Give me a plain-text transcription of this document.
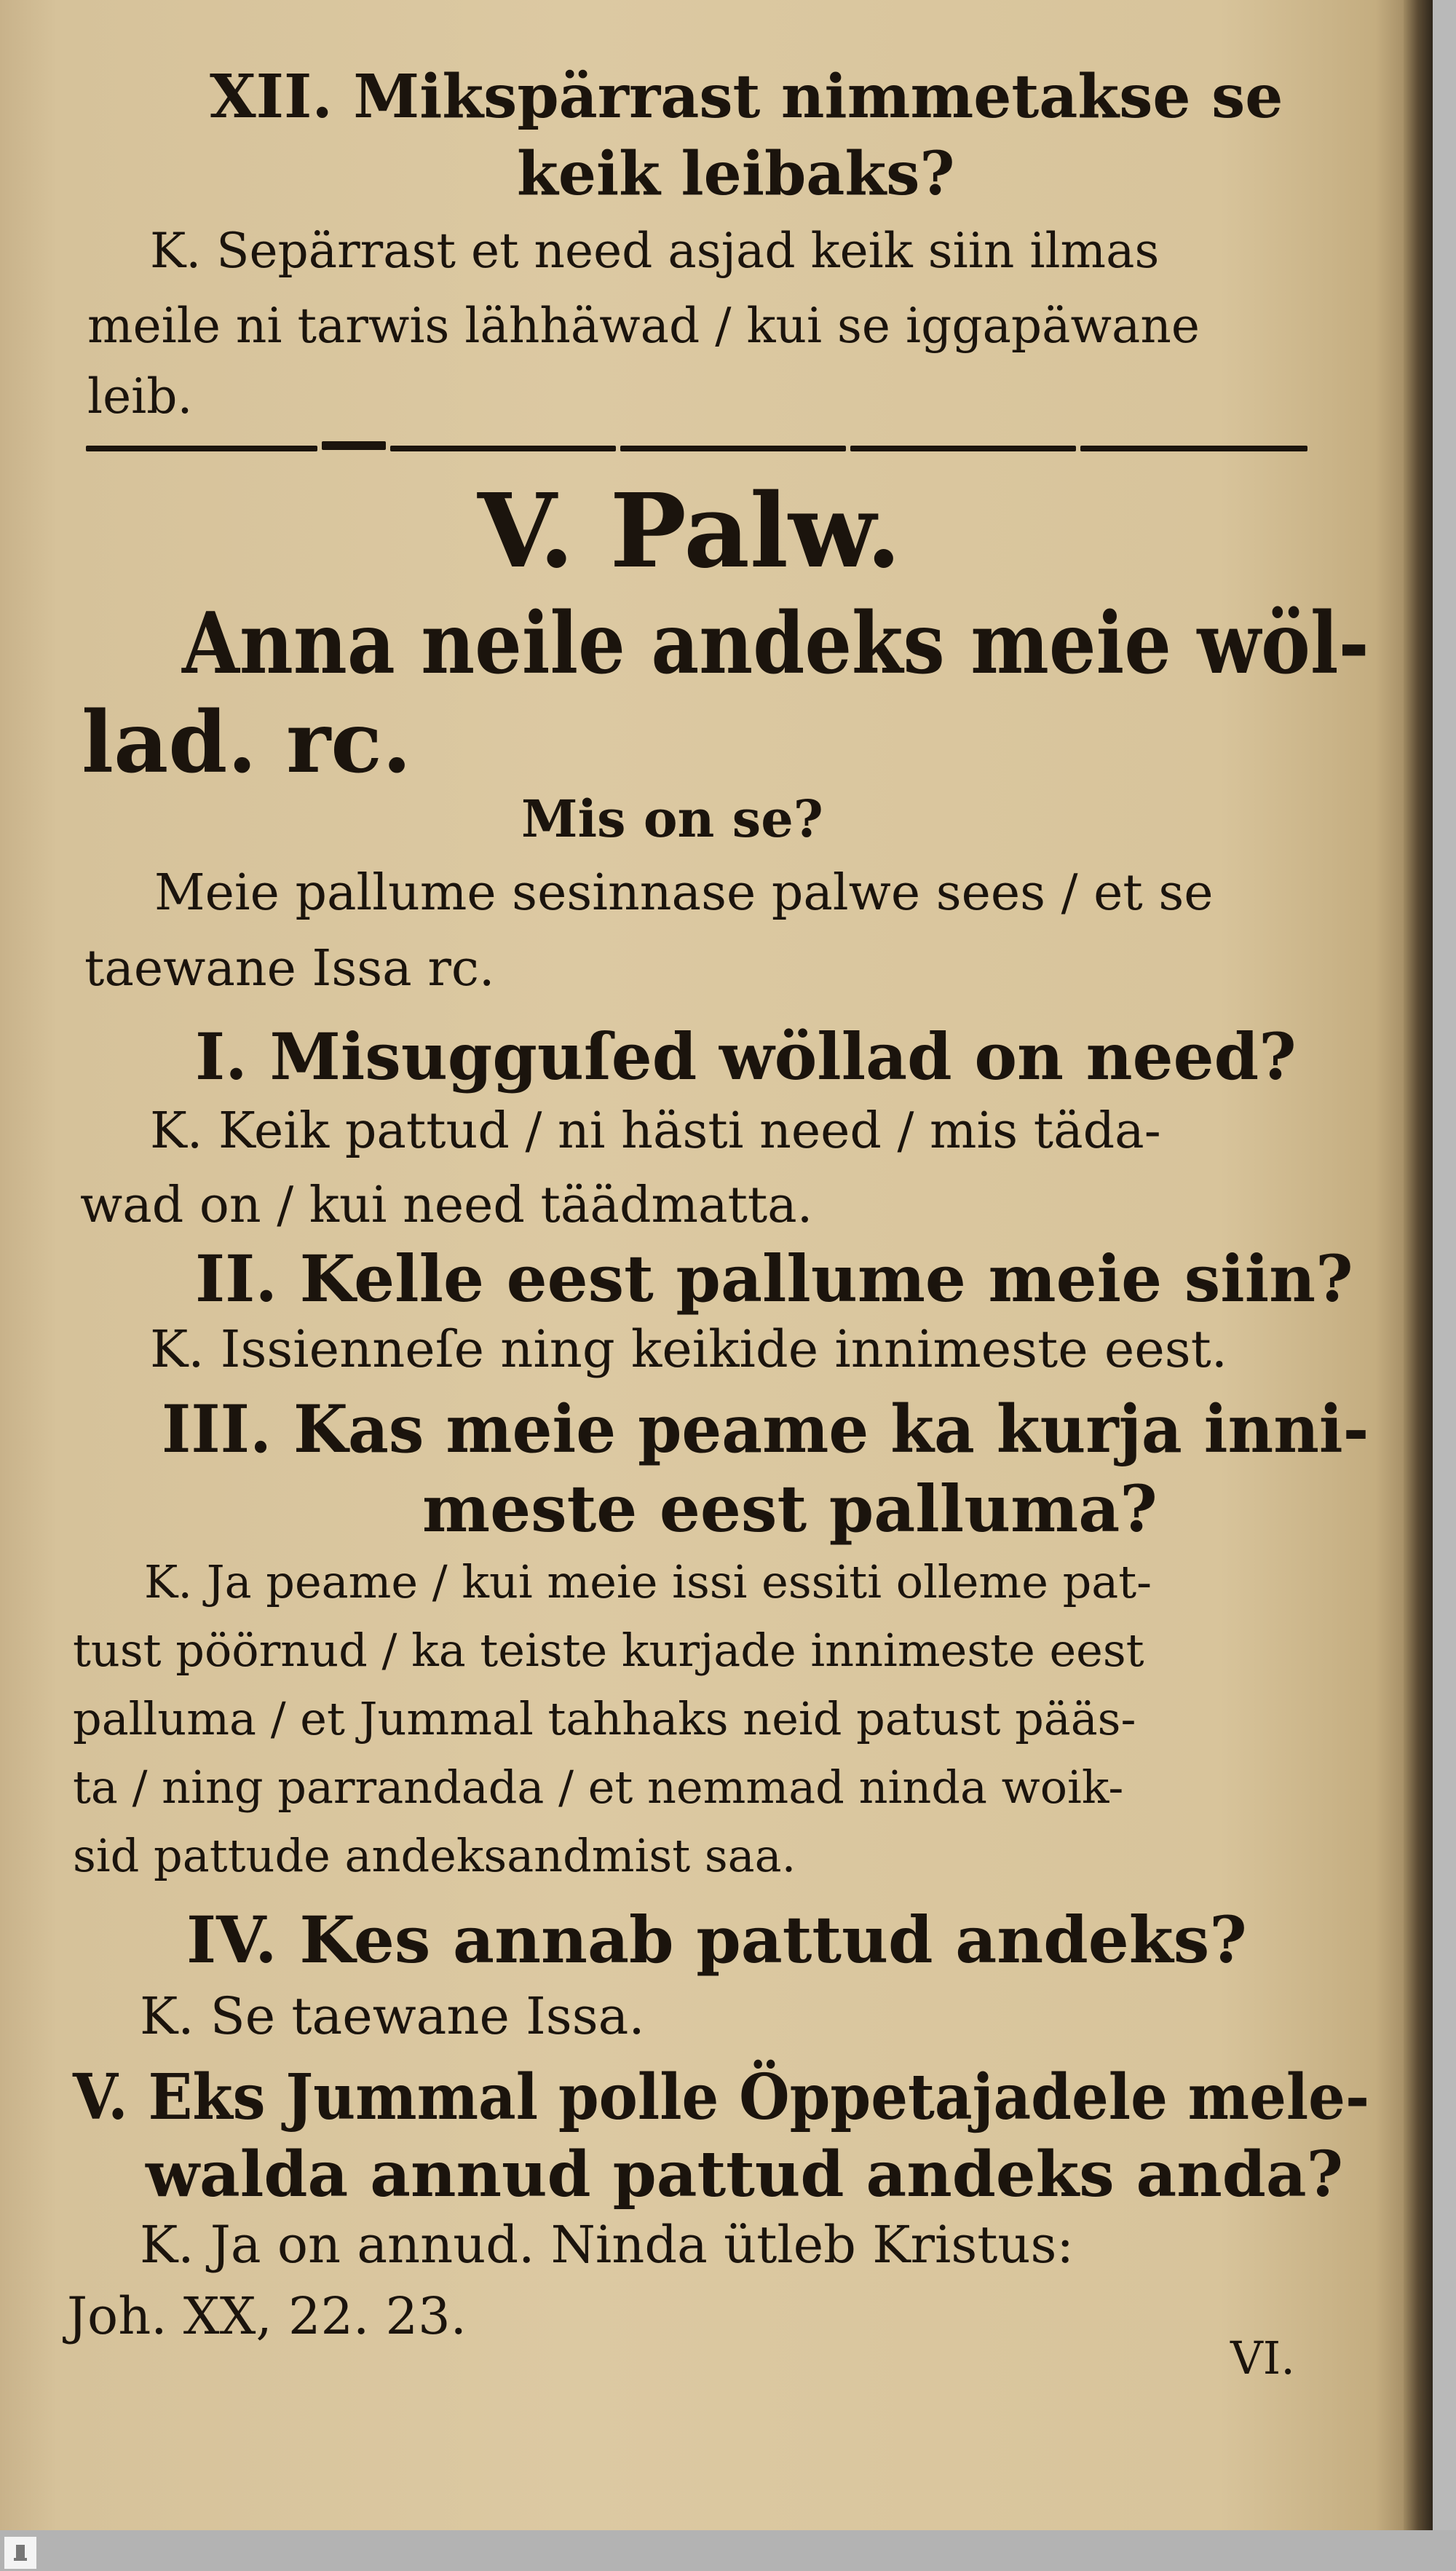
XII. Mikspärrast nimmetakse se
keik leibaks?
K. Sepärrast et need asjad keik siin ilmas
meile ni tarwis lähhäwad / kui se iggapäwane
leib.
V. Palw.
Anna neile andeks meie wöl-
lad. rc.
Mis on se?
Meie pallume sesinnase palwe sees / et se
taewane Issa rc.
I. Misugguſed wöllad on need?
K. Keik pattud / ni hästi need / mis täda-
wad on / kui need täädmatta.
II. Kelle eest pallume meie siin?
K. Issienneſe ning keikide innimeste eest.
III. Kas meie peame ka kurja inni-
meste eest palluma?
K. Ja peame / kui meie issi essiti olleme pat-
tust pöörnud / ka teiste kurjade innimeste eest
palluma / et Jummal tahhaks neid patust pääs-
ta / ning parrandada / et nemmad ninda woik-
sid pattude andeksandmist saa.
IV. Kes annab pattud andeks?
K. Se taewane Issa.
V. Eks Jummal polle Öppetajadele mele-
walda annud pattud andeks anda?
K. Ja on annud. Ninda ütleb Kristus:
Joh. XX, 22. 23.
VI.
